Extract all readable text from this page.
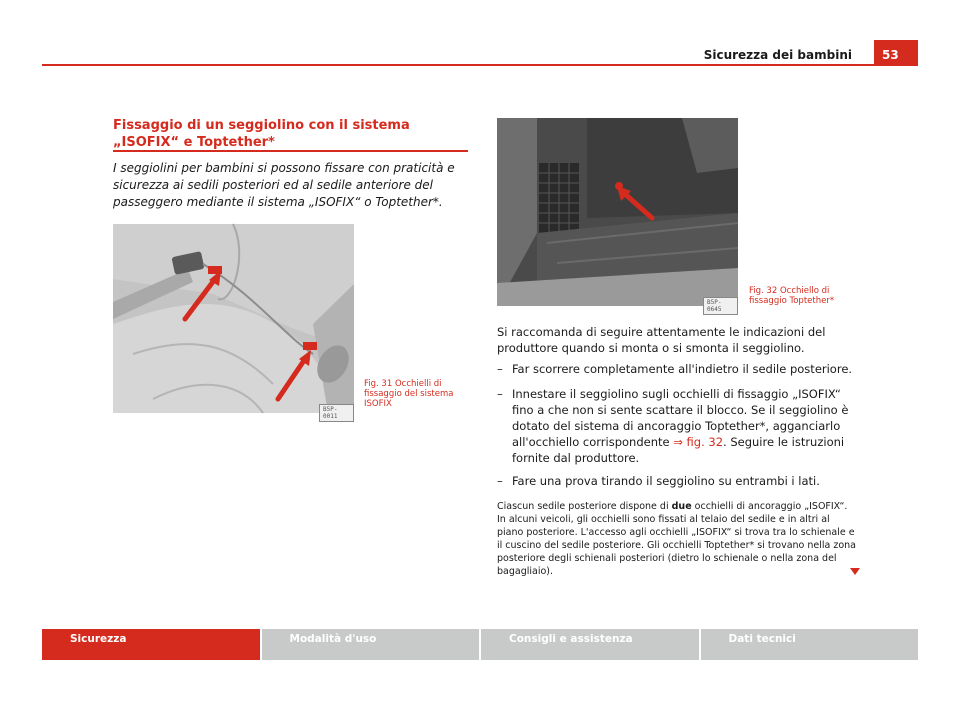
Sicurezza dei bambini	53
Fissaggio di un seggiolino con il sistema „ISOFIX“ e Toptether*
I seggiolini per bambini si possono fissare con praticità e sicurezza ai sedili posteriori ed al sedile anteriore del passeggero mediante il sistema „ISOFIX“ o Toptether*.
B5P-0011
Fig. 31 Occhielli di fissaggio del sistema ISOFIX
B5P-0645
Fig. 32 Occhiello di fissaggio Toptether*
Si raccomanda di seguire attentamente le indicazioni del produttore quando si monta o si smonta il seggiolino.
– Far scorrere completamente all'indietro il sedile posteriore.
– Innestare il seggiolino sugli occhielli di fissaggio „ISOFIX“ fino a che non si sente scattare il blocco. Se il seggiolino è dotato del sistema di ancoraggio Toptether*, agganciarlo all'occhiello corrispondente ⇒ fig. 32. Seguire le istruzioni fornite dal produttore.
– Fare una prova tirando il seggiolino su entrambi i lati.
Ciascun sedile posteriore dispone di due occhielli di ancoraggio „ISOFIX“. In alcuni veicoli, gli occhielli sono fissati al telaio del sedile e in altri al piano posteriore. L'accesso agli occhielli „ISOFIX“ si trova tra lo schienale e il cuscino del sedile posteriore. Gli occhielli Toptether* si trovano nella zona posteriore degli schienali posteriori (dietro lo schienale o nella zona del bagagliaio).
Sicurezza	Modalità d'uso	Consigli e assistenza	Dati tecnici
